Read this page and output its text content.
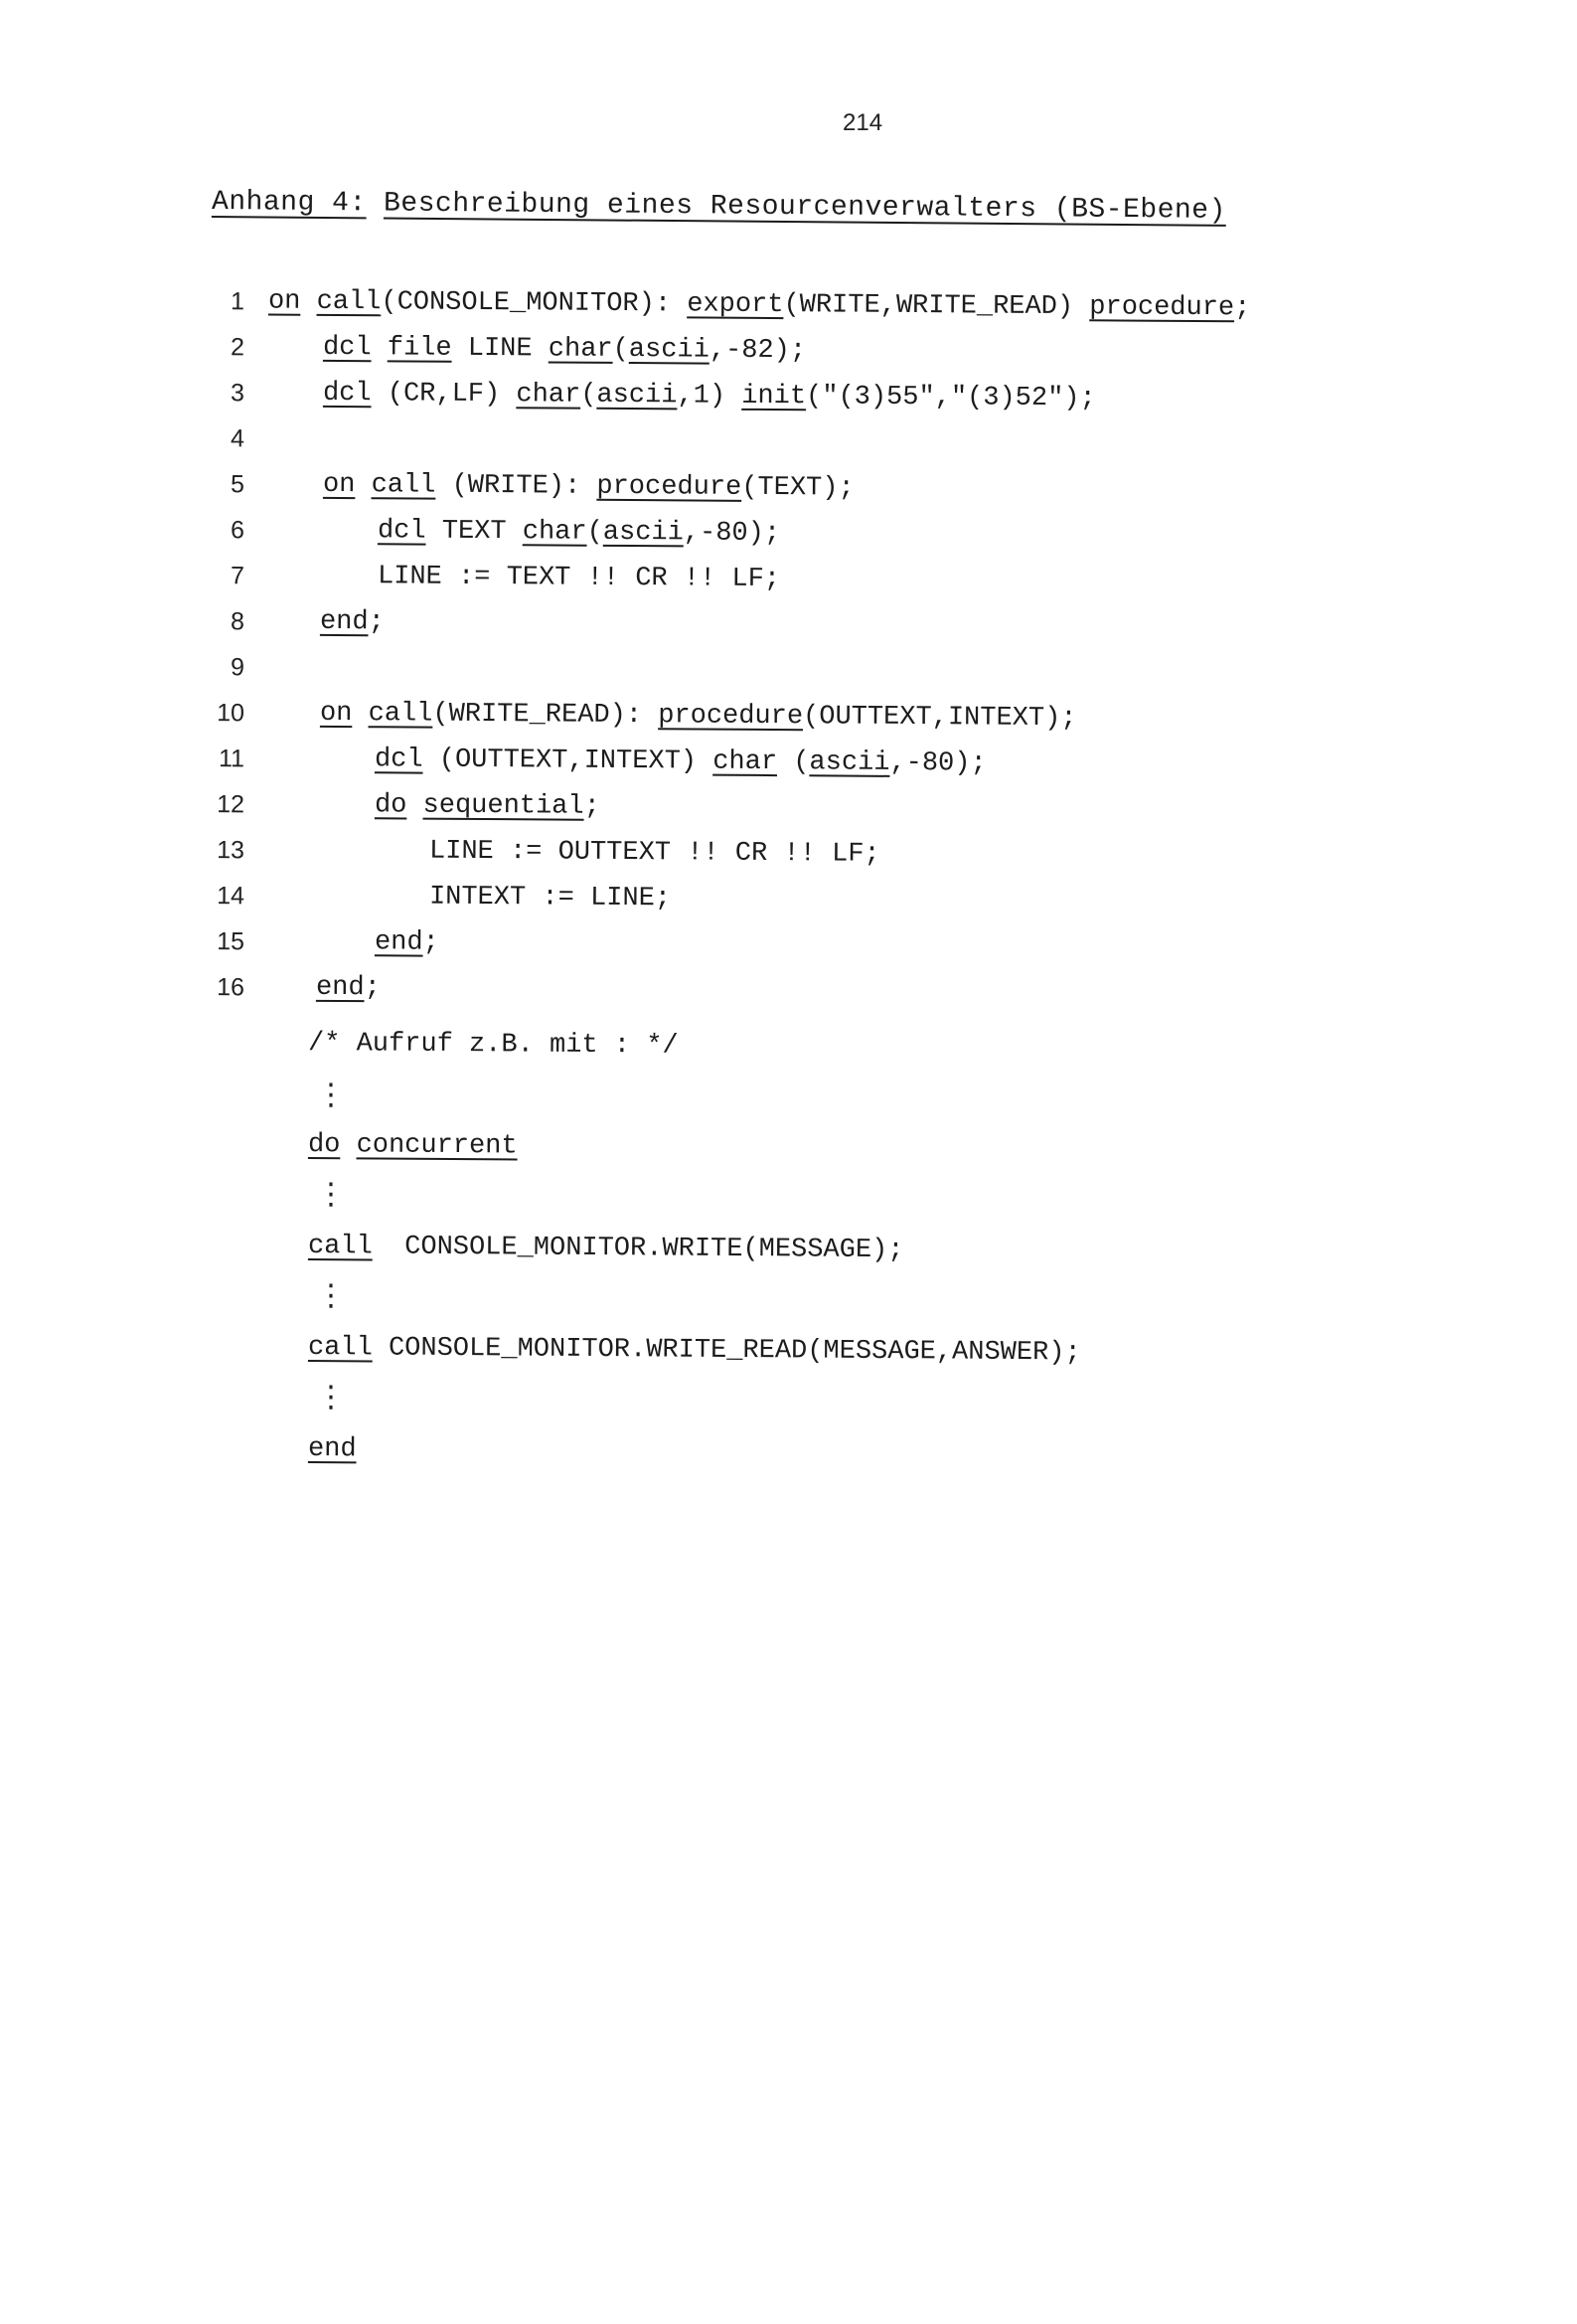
214
Anhang 4: Beschreibung eines Resourcenverwalters (BS-Ebene)

1

on call(CONSOLE_MONITOR): export(WRITE,WRITE_READ) procedure;

2

	dcl file LINE char(ascii,-82);

3

	dcl (CR,LF) char(ascii,1) init("(3)55","(3)52");

4

5

	on call (WRITE): procedure(TEXT);

6

	dcl TEXT char(ascii,-80);

7

	LINE := TEXT !! CR !! LF;

8

	end;

9

10

	on call(WRITE_READ): procedure(OUTTEXT,INTEXT);

11

	dcl (OUTTEXT,INTEXT) char (ascii,-80);

12

	do sequential;

13

	LINE := OUTTEXT !! CR !! LF;

14

	INTEXT := LINE;

15

	end;

16

	end;

/* Aufruf z.B. mit : */
⋮
do concurrent
⋮
call  CONSOLE_MONITOR.WRITE(MESSAGE);
⋮
call CONSOLE_MONITOR.WRITE_READ(MESSAGE,ANSWER);
⋮
end
